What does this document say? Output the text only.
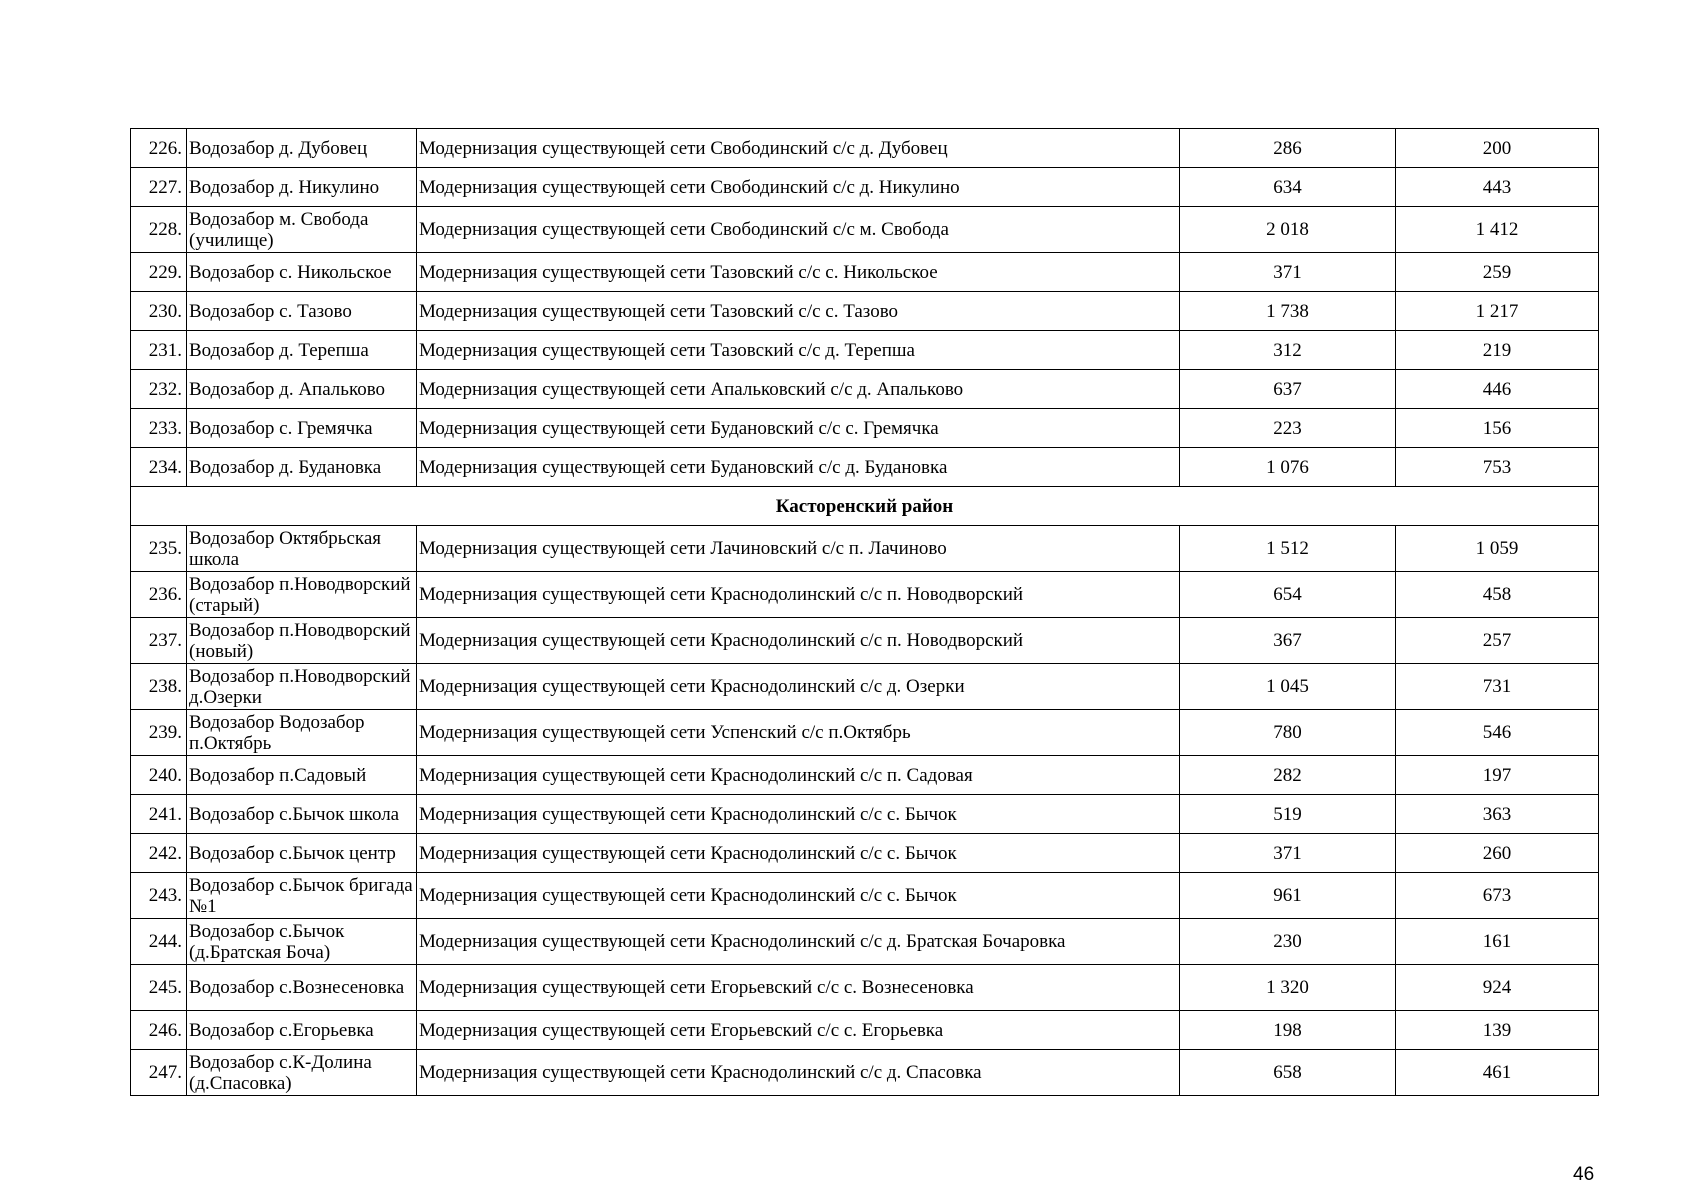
226.	Водозабор д. Дубовец	Модернизация существующей сети Свободинский с/с д. Дубовец	286	200
227.	Водозабор д. Никулино	Модернизация существующей сети Свободинский с/с д. Никулино	634	443
228.	Водозабор м. Свобода (училище)	Модернизация существующей сети Свободинский с/с м. Свобода	2 018	1 412
229.	Водозабор с. Никольское	Модернизация существующей сети Тазовский с/с с. Никольское	371	259
230.	Водозабор с. Тазово	Модернизация существующей сети Тазовский с/с с. Тазово	1 738	1 217
231.	Водозабор д. Терепша	Модернизация существующей сети Тазовский с/с д. Терепша	312	219
232.	Водозабор д. Апальково	Модернизация существующей сети Апальковский с/с д. Апальково	637	446
233.	Водозабор с. Гремячка	Модернизация существующей сети Будановский с/с с. Гремячка	223	156
234.	Водозабор д. Будановка	Модернизация существующей сети Будановский с/с д. Будановка	1 076	753
Касторенский район				
235.	Водозабор Октябрьская школа	Модернизация существующей сети Лачиновский с/с п. Лачиново	1 512	1 059
236.	Водозабор п.Новодворский (старый)	Модернизация существующей сети Краснодолинский с/с п. Новодворский	654	458
237.	Водозабор п.Новодворский (новый)	Модернизация существующей сети Краснодолинский с/с п. Новодворский	367	257
238.	Водозабор п.Новодворский д.Озерки	Модернизация существующей сети Краснодолинский с/с д. Озерки	1 045	731
239.	Водозабор Водозабор п.Октябрь	Модернизация существующей сети Успенский с/с п.Октябрь	780	546
240.	Водозабор п.Садовый	Модернизация существующей сети Краснодолинский с/с п. Садовая	282	197
241.	Водозабор с.Бычок школа	Модернизация существующей сети Краснодолинский с/с с. Бычок	519	363
242.	Водозабор с.Бычок центр	Модернизация существующей сети Краснодолинский с/с с. Бычок	371	260
243.	Водозабор с.Бычок бригада №1	Модернизация существующей сети Краснодолинский с/с с. Бычок	961	673
244.	Водозабор с.Бычок (д.Братская Боча)	Модернизация существующей сети Краснодолинский с/с д. Братская Бочаровка	230	161
245.	Водозабор с.Вознесеновка	Модернизация существующей сети Егорьевский с/с с. Вознесеновка	1 320	924
246.	Водозабор с.Егорьевка	Модернизация существующей сети Егорьевский с/с с. Егорьевка	198	139
247.	Водозабор с.К-Долина (д.Спасовка)	Модернизация существующей сети Краснодолинский с/с д. Спасовка	658	461
46
